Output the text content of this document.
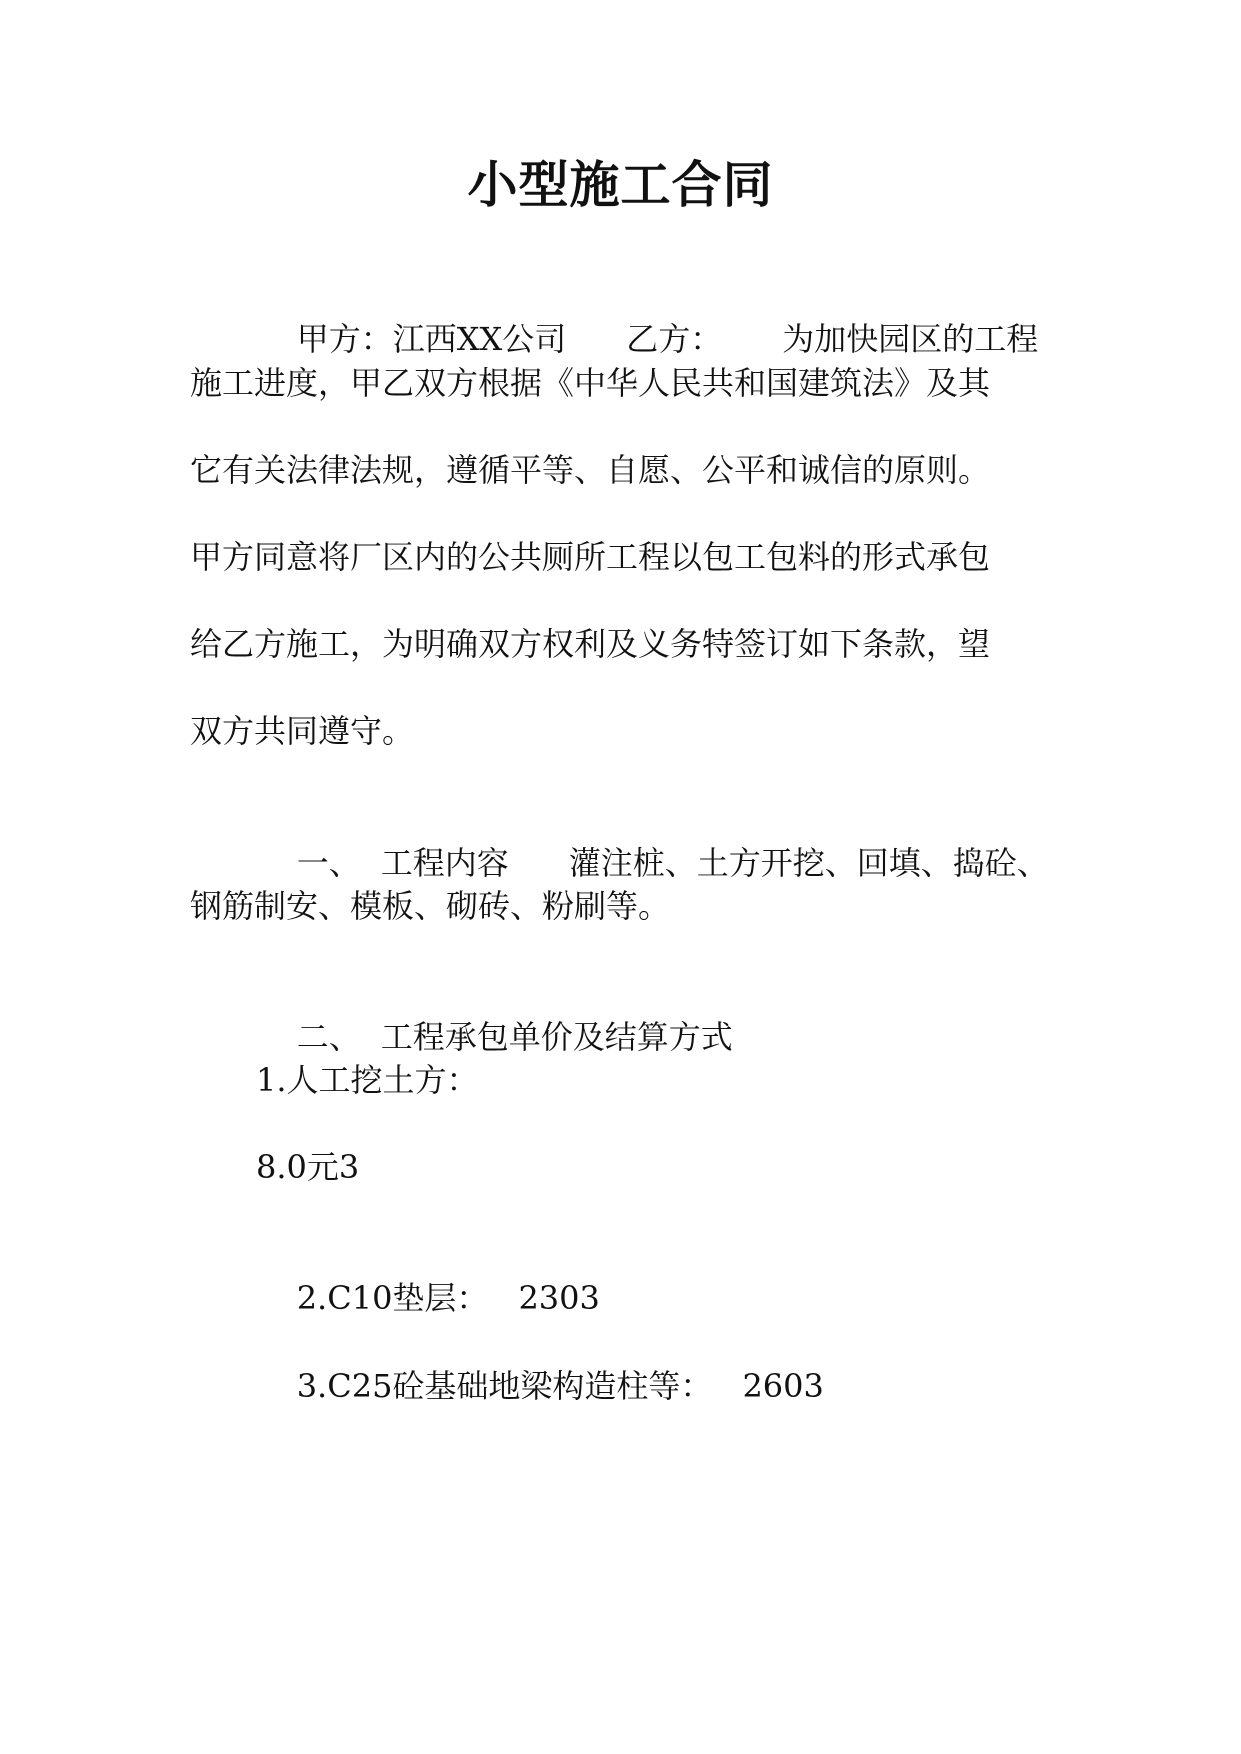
小型施工合同

甲方：江西XX公司 乙方： 为加快园区的工程

施工进度，甲乙双方根据《中华人民共和国建筑法》及其
它有关法律法规，遵循平等、自愿、公平和诚信的原则。
甲方同意将厂区内的公共厕所工程以包工包料的形式承包
给乙方施工，为明确双方权利及义务特签订如下条款，望
双方共同遵守。

一、 工程内容 灌注桩、土方开挖、回填、捣砼、

钢筋制安、模板、砌砖、粉刷等。

二、 工程承包单价及结算方式

1.人工挖土方：
8.0元3

2.C10垫层： 2303

3.C25砼基础地梁构造柱等： 2603
